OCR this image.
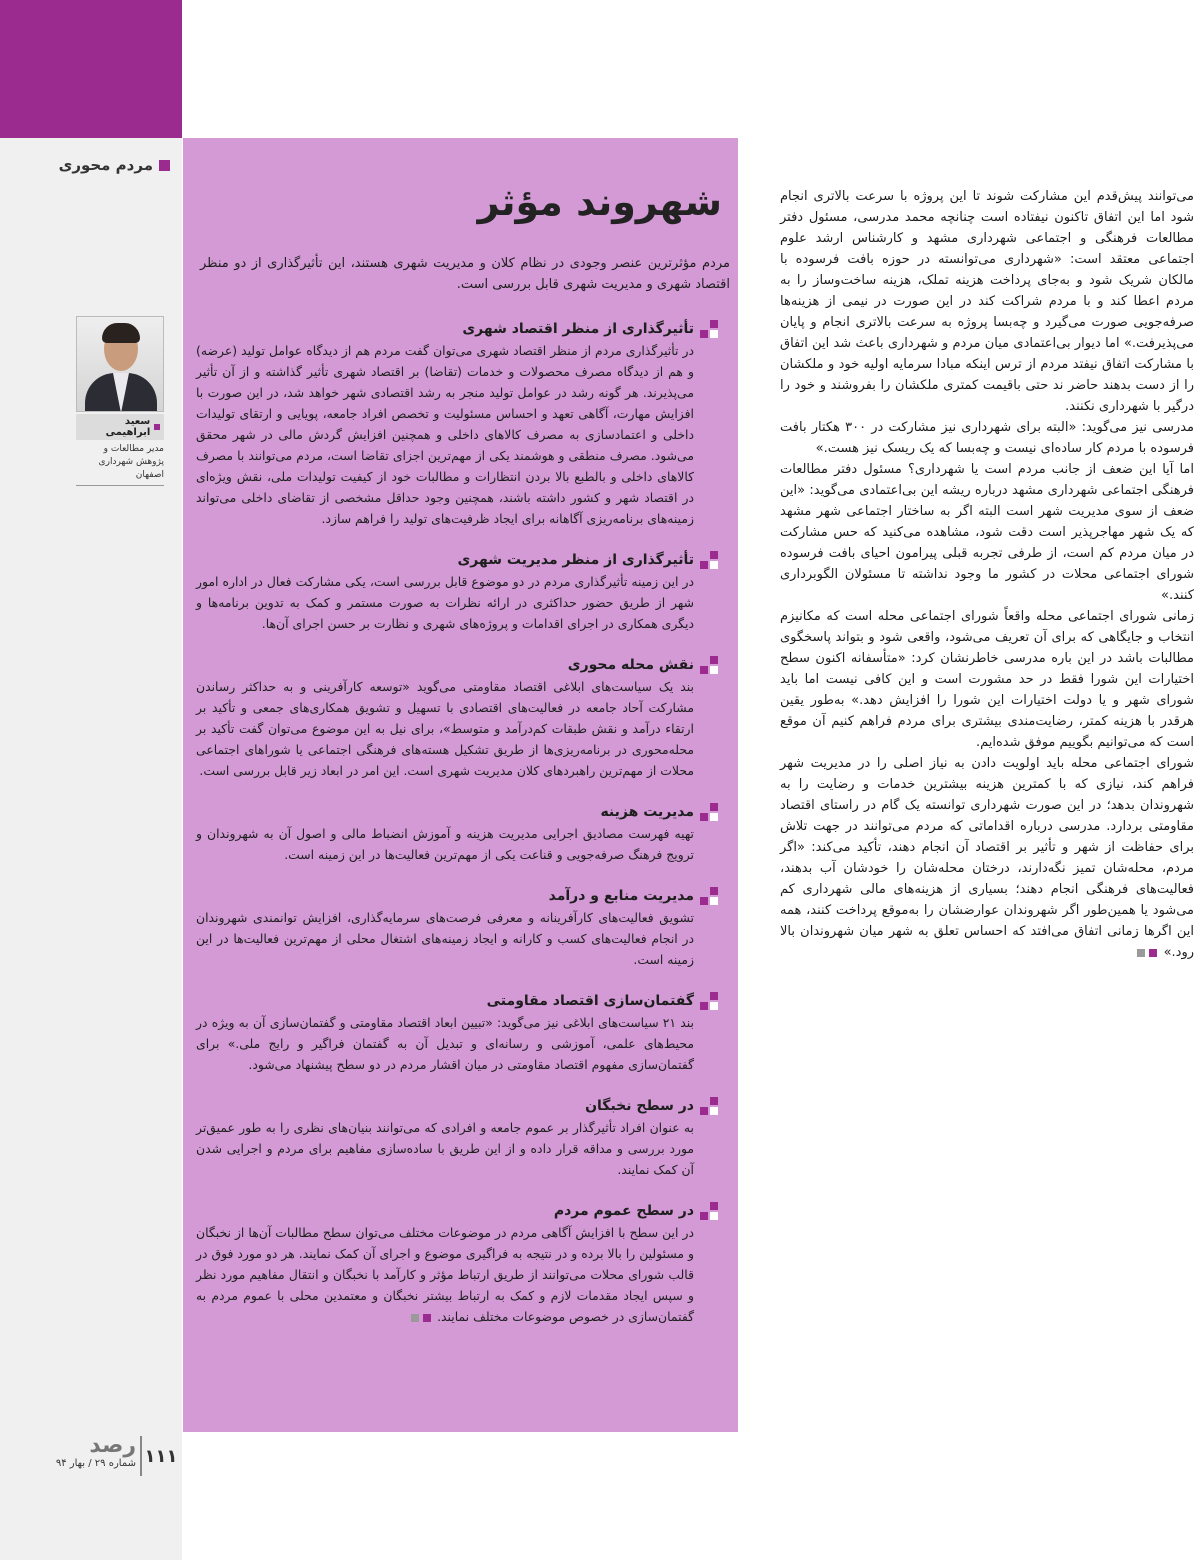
مردم محوری
سعید ابراهیمی
مدیر مطالعات و پژوهش شهرداری اصفهان
۱۱۱
رصد
شماره ۲۹ / بهار ۹۴
شهروند مؤثر

مردم مؤثرترین عنصر وجودی در نظام کلان و مدیریت شهری هستند، این تأثیرگذاری از دو منظر اقتصاد شهری و مدیریت شهری قابل بررسی است.

تأثیرگذاری از منظر اقتصاد شهری

در تأثیرگذاری مردم از منظر اقتصاد شهری می‌توان گفت مردم هم از دیدگاه عوامل تولید (عرضه) و هم از دیدگاه مصرف محصولات و خدمات (تقاضا) بر اقتصاد شهری تأثیر گذاشته و از آن تأثیر می‌پذیرند. هر گونه رشد در عوامل تولید منجر به رشد اقتصادی شهر خواهد شد، در این صورت با افزایش مهارت، آگاهی تعهد و احساس مسئولیت و تخصص افراد جامعه، پویایی و ارتقای تولیدات داخلی و اعتمادسازی به مصرف کالاهای داخلی و همچنین افزایش گردش مالی در شهر محقق می‌شود. مصرف منطقی و هوشمند یکی از مهم‌ترین اجزای تقاضا است، مردم می‌توانند با مصرف کالاهای داخلی و بالطبع بالا بردن انتظارات و مطالبات خود از کیفیت تولیدات ملی، نقش ویژه‌ای در اقتصاد شهر و کشور داشته باشند، همچنین وجود حداقل مشخصی از تقاضای داخلی می‌تواند زمینه‌های برنامه‌ریزی آگاهانه برای ایجاد ظرفیت‌های تولید را فراهم سازد.

تأثیرگذاری از منظر مدیریت شهری

در این زمینه تأثیرگذاری مردم در دو موضوع قابل بررسی است، یکی مشارکت فعال در اداره امور شهر از طریق حضور حداکثری در ارائه نظرات به صورت مستمر و کمک به تدوین برنامه‌ها و دیگری همکاری در اجرای اقدامات و پروژه‌های شهری و نظارت بر حسن اجرای آن‌ها.

نقش محله محوری

بند یک سیاست‌های ابلاغی اقتصاد مقاومتی می‌گوید «توسعه کارآفرینی و به حداکثر رساندن مشارکت آحاد جامعه در فعالیت‌های اقتصادی با تسهیل و تشویق همکاری‌های جمعی و تأکید بر ارتقاء درآمد و نقش طبقات کم‌درآمد و متوسط»، برای نیل به این موضوع می‌توان گفت تأکید بر محله‌محوری در برنامه‌ریزی‌ها از طریق تشکیل هسته‌های فرهنگی اجتماعی یا شوراهای اجتماعی محلات از مهم‌ترین راهبردهای کلان مدیریت شهری است. این امر در ابعاد زیر قابل بررسی است.

مدیریت هزینه

تهیه فهرست مصادیق اجرایی مدیریت هزینه و آموزش انضباط مالی و اصول آن به شهروندان و ترویج فرهنگ صرفه‌جویی و قناعت یکی از مهم‌ترین فعالیت‌ها در این زمینه است.

مدیریت منابع و درآمد

تشویق فعالیت‌های کارآفرینانه و معرفی فرصت‌های سرمایه‌گذاری، افزایش توانمندی شهروندان در انجام فعالیت‌های کسب و کارانه و ایجاد زمینه‌های اشتغال محلی از مهم‌ترین فعالیت‌ها در این زمینه است.

گفتمان‌سازی اقتصاد مقاومتی

بند ۲۱ سیاست‌های ابلاغی نیز می‌گوید: «تبیین ابعاد اقتصاد مقاومتی و گفتمان‌سازی آن به ویژه در محیط‌های علمی، آموزشی و رسانه‌ای و تبدیل آن به گفتمان فراگیر و رایج ملی.» برای گفتمان‌سازی مفهوم اقتصاد مقاومتی در میان اقشار مردم در دو سطح پیشنهاد می‌شود.

در سطح نخبگان

به عنوان افراد تأثیرگذار بر عموم جامعه و افرادی که می‌توانند بنیان‌های نظری را به طور عمیق‌تر مورد بررسی و مداقه قرار داده و از این طریق با ساده‌سازی مفاهیم برای مردم و اجرایی شدن آن کمک نمایند.

در سطح عموم مردم

در این سطح با افزایش آگاهی مردم در موضوعات مختلف می‌توان سطح مطالبات آن‌ها از نخبگان و مسئولین را بالا برده و در نتیجه به فراگیری موضوع و اجرای آن کمک نمایند. هر دو مورد فوق در قالب شورای محلات می‌توانند از طریق ارتباط مؤثر و کارآمد با نخبگان و انتقال مفاهیم مورد نظر و سپس ایجاد مقدمات لازم و کمک به ارتباط بیشتر نخبگان و معتمدین محلی با عموم مردم به گفتمان‌سازی در خصوص موضوعات مختلف نمایند.

می‌توانند پیش‌قدم این مشارکت شوند تا این پروژه با سرعت بالاتری انجام شود اما این اتفاق تاکنون نیفتاده است چنانچه محمد مدرسی، مسئول دفتر مطالعات فرهنگی و اجتماعی شهرداری مشهد و کارشناس ارشد علوم اجتماعی معتقد است: «شهرداری می‌توانسته در حوزه بافت فرسوده با مالکان شریک شود و به‌جای پرداخت هزینه تملک، هزینه ساخت‌وساز را به مردم اعطا کند و با مردم شراکت کند در این صورت در نیمی از هزینه‌ها صرفه‌جویی صورت می‌گیرد و چه‌بسا پروژه به سرعت بالاتری انجام و پایان می‌پذیرفت.» اما دیوار بی‌اعتمادی میان مردم و شهرداری باعث شد این اتفاق با مشارکت اتفاق نیفتد مردم از ترس اینکه مبادا سرمایه اولیه خود و ملکشان را از دست بدهند حاضر ند حتی باقیمت کمتری ملکشان را بفروشند و خود را درگیر با شهرداری نکنند.

مدرسی نیز می‌گوید: «البته برای شهرداری نیز مشارکت در ۳۰۰ هکتار بافت فرسوده با مردم کار ساده‌ای نیست و چه‌بسا که یک ریسک نیز هست.»

اما آیا این ضعف از جانب مردم است یا شهرداری؟ مسئول دفتر مطالعات فرهنگی اجتماعی شهرداری مشهد درباره ریشه این بی‌اعتمادی می‌گوید: «این ضعف از سوی مدیریت شهر است البته اگر به ساختار اجتماعی شهر مشهد که یک شهر مهاجرپذیر است دقت شود، مشاهده می‌کنید که حس مشارکت در میان مردم کم است، از طرفی تجربه قبلی پیرامون احیای بافت فرسوده شورای اجتماعی محلات در کشور ما وجود نداشته تا مسئولان الگوبرداری کنند.»

زمانی شورای اجتماعی محله واقعاً شورای اجتماعی محله است که مکانیزم انتخاب و جایگاهی که برای آن تعریف می‌شود، واقعی شود و بتواند پاسخگوی مطالبات باشد در این باره مدرسی خاطرنشان کرد: «متأسفانه اکنون سطح اختیارات این شورا فقط در حد مشورت است و این کافی نیست اما باید شورای شهر و یا دولت اختیارات این شورا را افزایش دهد.» به‌طور یقین هرقدر با هزینه کمتر، رضایت‌مندی بیشتری برای مردم فراهم کنیم آن موقع است که می‌توانیم بگوییم موفق شده‌ایم.

شورای اجتماعی محله باید اولویت دادن به نیاز اصلی را در مدیریت شهر فراهم کند، نیازی که با کمترین هزینه بیشترین خدمات و رضایت را به شهروندان بدهد؛ در این صورت شهرداری توانسته یک گام در راستای اقتصاد مقاومتی بردارد. مدرسی درباره اقداماتی که مردم می‌توانند در جهت تلاش برای حفاظت از شهر و تأثیر بر اقتصاد آن انجام دهند، تأکید می‌کند: «اگر مردم، محله‌شان تمیز نگه‌دارند، درختان محله‌شان را خودشان آب بدهند، فعالیت‌های فرهنگی انجام دهند؛ بسیاری از هزینه‌های مالی شهرداری کم می‌شود یا همین‌طور اگر شهروندان عوارضشان را به‌موقع پرداخت کنند، همه این اگرها زمانی اتفاق می‌افتد که احساس تعلق به شهر میان شهروندان بالا رود.»
